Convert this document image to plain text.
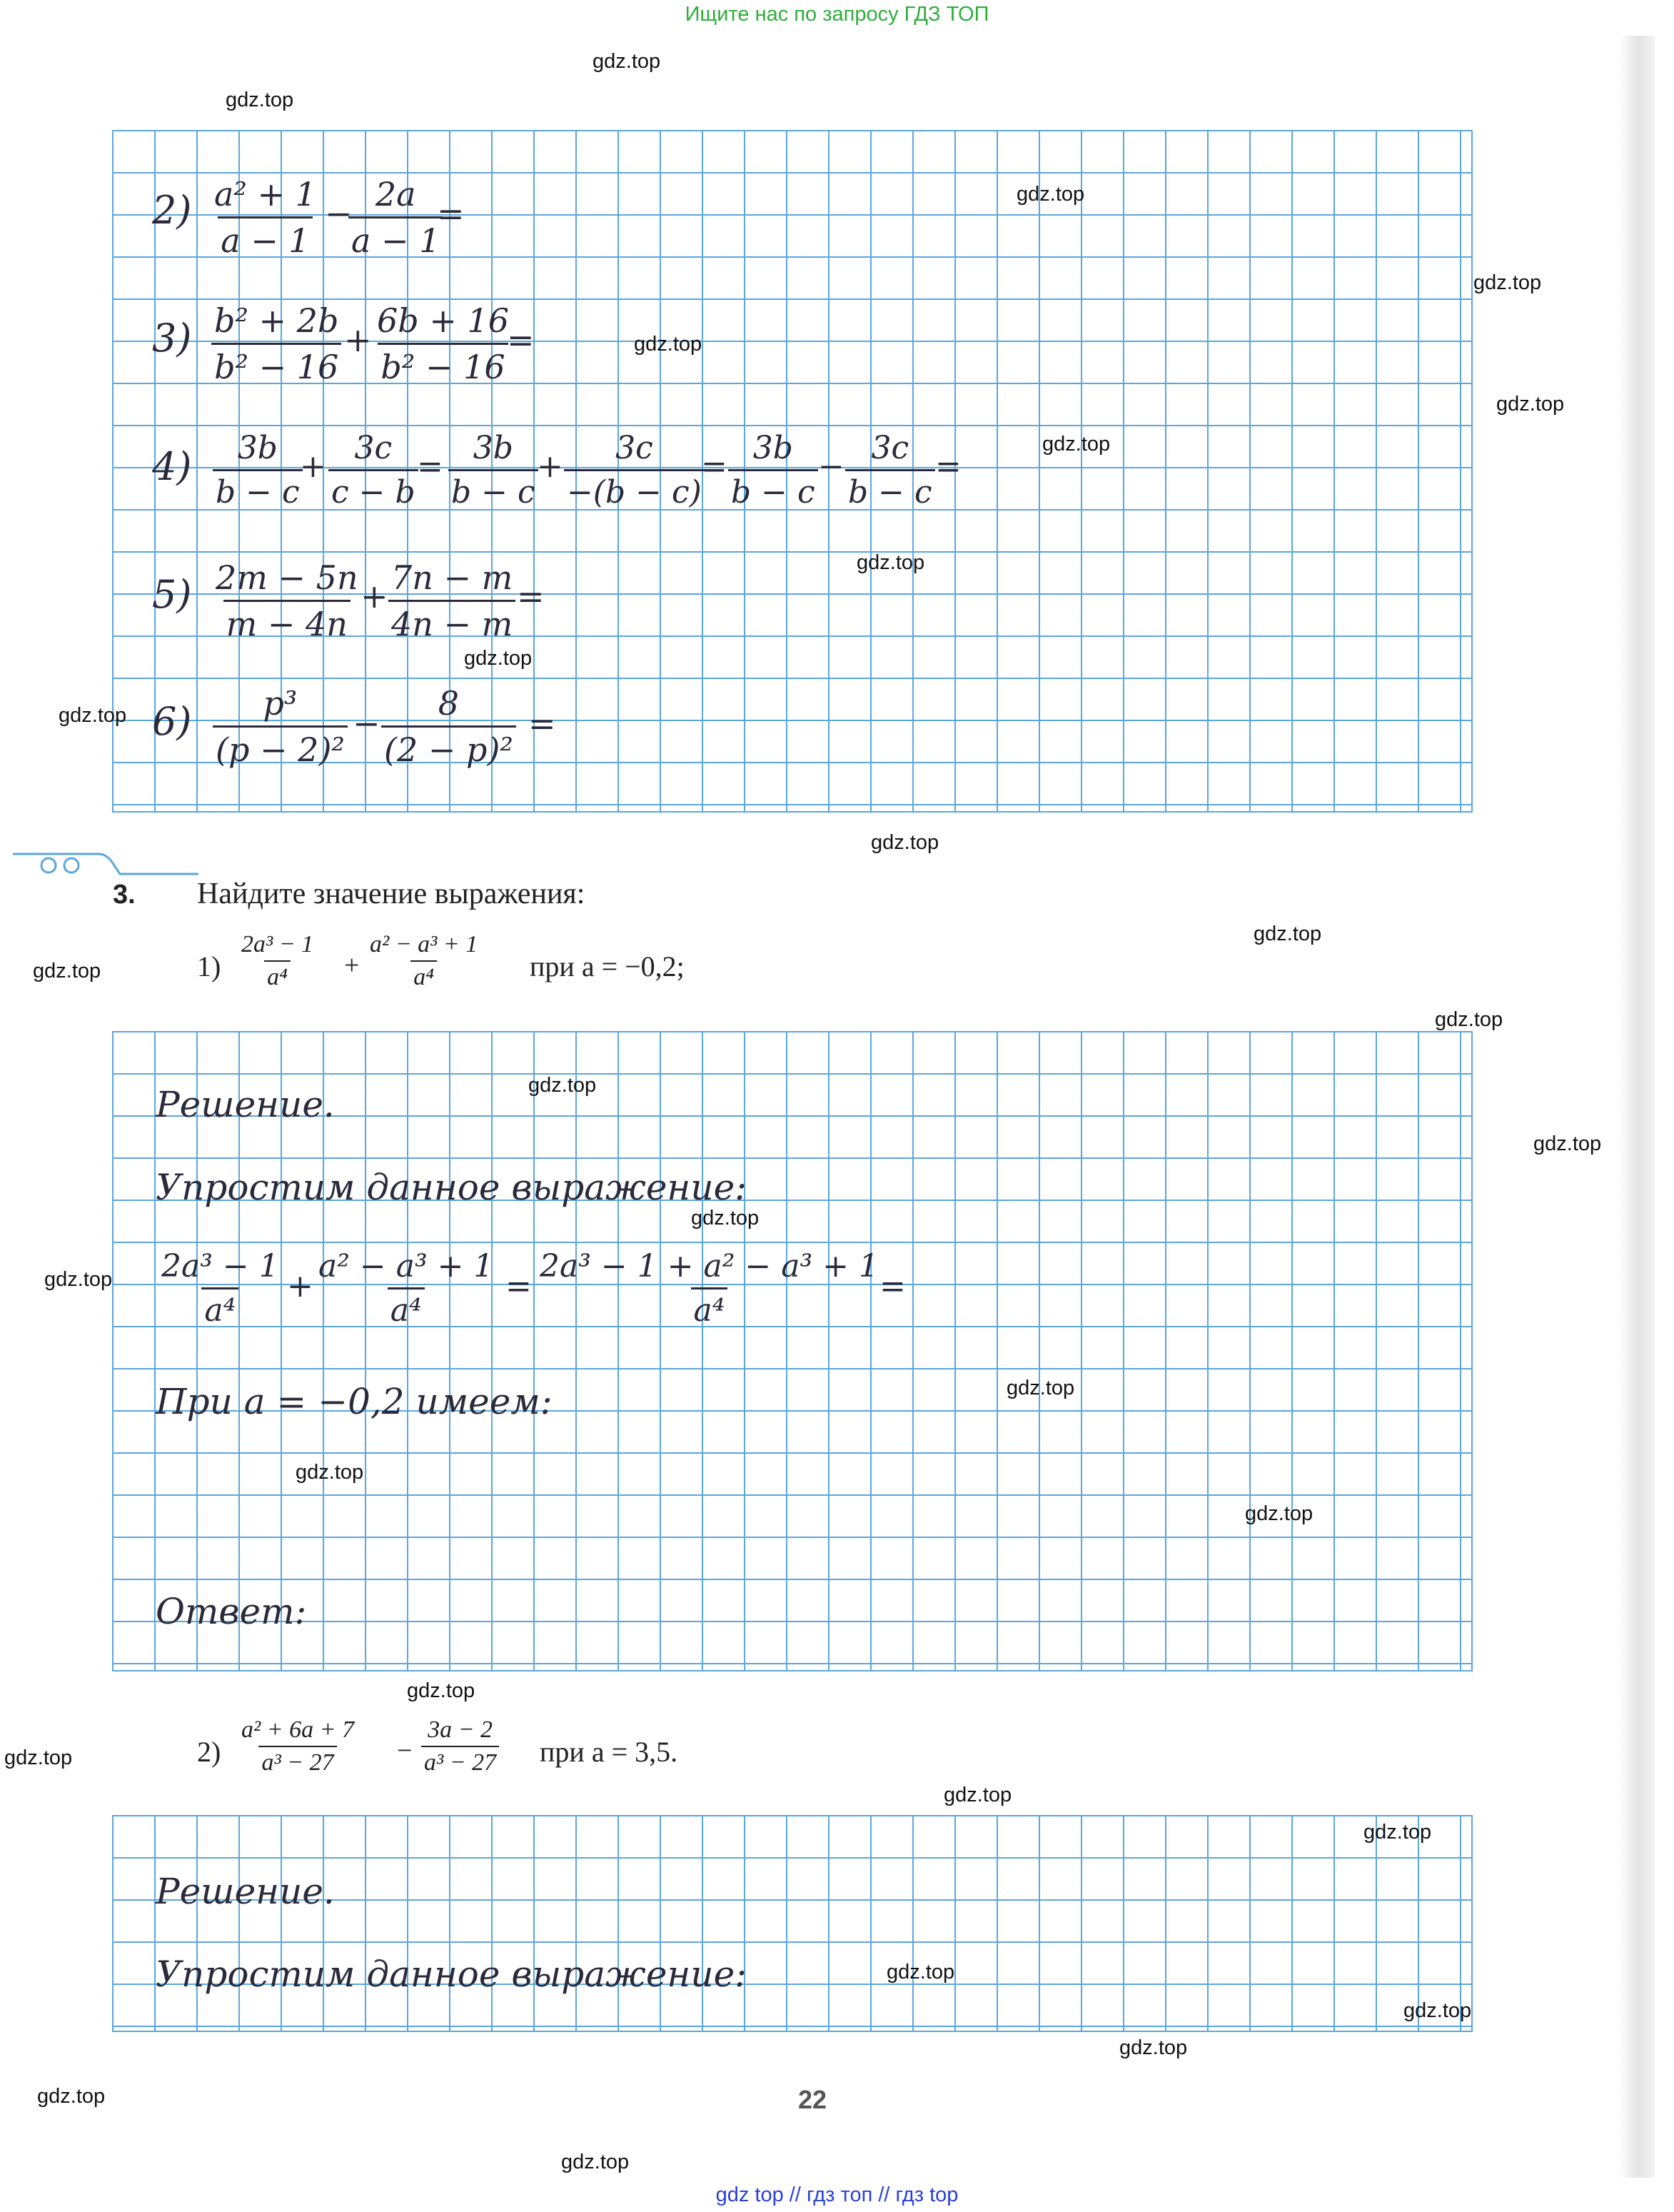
Ищите нас по запросу ГДЗ ТОП
$2) \frac{\text{a² + 1}}{a - 1}$ −
$\frac{2a}{a - 1}$
=
$3) \frac{\text{b² + 2b}}{\text{b² − 16}} + \frac{6b + 16}{\text{b² − 16}}$
=
$4) \frac{3b}{b - c}$
+ $\frac{3c}{c - b}$
= $\frac{3b}{b - c}$
+ $\frac{3c}{-(b - c)}$
= $\frac{3b}{b - c} - \frac{3c}{b - c}$ =
$5) \frac{2m - 5n}{m - 4n} + \frac{7n - m}{4n - m}$ =
$6) \frac{\text{p³}}{\text{(p − 2)²}} - \frac{8}{\text{(2 − p)²}}$ =
3. Найдите значение выражения:
$1) \frac{\text{2a³ − 1}}{\text{a⁴}} + \frac{\text{a² − a³ + 1}}{\text{a⁴}}$ при a = −0,2;
Решение.
Упростим данное выражение:
$\frac{\text{2a³ − 1}}{\text{a⁴}} + \frac{\text{a² − a³ + 1}}{\text{a⁴}} = \frac{\text{2a³ − 1 + a² − a³ + 1}}{\text{a⁴}}$
=
При a = −0,2 имеем:
Ответ:
$2) \frac{\text{a² + 6a + 7}}{\text{a³ − 27}} - \frac{3a - 2}{\text{a³ − 27}}$ при a = 3,5.
Решение.
Упростим данное выражение:
22
gdz.top
gdz.top
gdz.top
gdz.top
gdz.top
gdz.top
gdz.top
gdz.top
gdz.top
gdz.top
gdz.top
gdz.top
gdz.top
gdz.top
gdz.top
gdz.top
gdz.top
gdz.top
gdz.top
gdz.top
gdz.top
gdz.top
gdz.top
gdz.top
gdz.top
gdz.top
gdz.top
gdz.top
gdz.top
gdz.top
gdz top // гдз топ // гдз top
